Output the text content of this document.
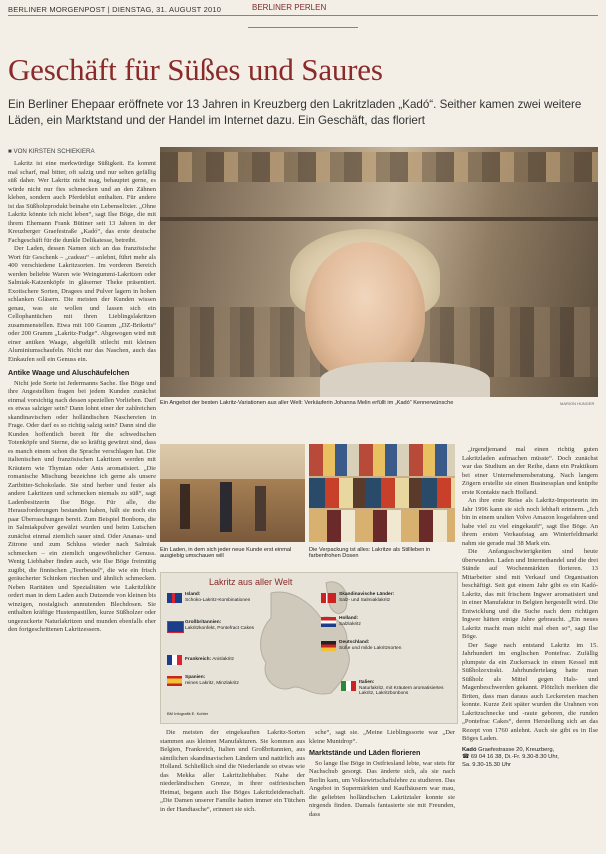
BERLINER MORGENPOST | DIENSTAG, 31. AUGUST 2010	BERLINER PERLEN
Geschäft für Süßes und Saures
Ein Berliner Ehepaar eröffnete vor 13 Jahren in Kreuzberg den Lakritzladen „Kadó“. Seither kamen zwei weitere Läden, ein Marktstand und der Handel im Internet dazu. Ein Geschäft, das floriert
■ VON KIRSTEN SCHIEKIERA

Lakritz ist eine merkwürdige Süßigkeit. Es kommt mal scharf, mal bitter, oft salzig und nur selten gefällig süß daher. Wer Lakritz nicht mag, behauptet gerne, es würde nicht nur fies schmecken und an den Zähnen kleben, sondern auch Pferdeblut enthalten. Für andere ist das Süßholzprodukt beinahe ein Lebenselixier. „Ohne Lakritz könnte ich nicht leben“, sagt Ilse Böge, die mit ihrem Ehemann Frank Büttner seit 13 Jahren in der Kreuzberger Graefestraße „Kadó“, das erste deutsche Fachgeschäft für die dunkle Delikatesse, betreibt.

Der Laden, dessen Namen sich an das französische Wort für Geschenk – „cadeau“ – anlehnt, führt mehr als 400 verschiedene Lakritzsorten. Im vorderen Bereich werden beliebte Waren wie Weingummi-Lakritzen oder Salmiak-Katzenköpfe in gläserner Theke präsentiert. Exotischere Sorten, Dragees und Pulver lagern in hohen schlanken Gläsern. Die meisten der Kunden wissen genau, was sie wollen und lassen sich ein Cellophantüchen mit ihren Lieblingslakritzen zusammenstellen. Etwa mit 100 Gramm „DZ-Briketts“ oder 200 Gramm „Lakritz-Fudge“. Abgewogen wird mit einer antiken Waage, abgefüllt stilecht mit kleinen Aluminiumschaufeln. Nicht nur das Naschen, auch das Einkaufen soll ein Genuss ein.

Antike Waage und Aluschäufelchen

Nicht jede Sorte ist Jedermanns Sache. Ilse Böge und ihre Angestellten fragen bei jedem Kunden zunächst einmal vorsichtig nach dessen speziellen Vorlieben. Darf es etwas salziger sein? Dann lohnt einer der zahlreichen skandinavischen oder holländischen Naschereien in Frage. Oder darf es so richtig salzig sein? Dann sind die Kunden hoffentlich bereit für die schwedischen Totenköpfe und Sterne, die so kräftig gewürzt sind, dass es manch einem schon die Sprache verschlagen hat. Die italienischen und französischen Lakritzen werden mit Kräutern wie Thymian oder Anis aromatisiert. „Die romanische Mischung bezeichne ich gerne als unsere Zartbitter-Schokolade. Sie sind herber und fester als andere Lakritzen und schmecken niemals zu süß“, sagt Ladenbesitzerin Ilse Böge. Für alle, die Herausforderungen bestanden haben, hält sie noch ein paar Überraschungen bereit. Zum Beispiel Bonbons, die in Salmiakpulver gewälzt wurden und beim Lutschen zunächst einmal ziemlich sauer sind. Oder Ananas- und Zitrone und zum Schluss wieder nach Salmiak schmecken – ein ziemlich ungewöhnlicher Genuss. Wenig Liebhaber finden auch, wie Ilse Böge freimütig zugibt, die finnischen „Teerbeutel“, die wie ein frisch geräucherter Schinken riechen und ähnlich schmecken. Neben Raritäten und Spezialitäten wie Lakritzlikör ordert man in dem Laden auch Dutzende von kleinen bis winzigen, nostalgisch anmutenden Blechdosen. Sie enthalten kräftige Hustenpastillen, kurze Süßholzer oder ungezuckerte Naturlakritzen und munden ebenfalls eher den fortgeschrittenen Lakritzessern.

Ein Angebot der besten Lakritz-Variationen aus aller Welt: Verkäuferin Johanna Melin erfüllt im „Kadó“ Kennerwünsche	MARION HUNGER
Ein Laden, in dem sich jeder neue Kunde erst einmal ausgiebig umschauen will
Die Verpackung ist alles: Lakritze als Stillleben in farbenfrohen Dosen
Lakritz aus aller Welt
Island:
Schoko-Lakritz-Kombinationen
Großbritannien:
Lakritzkonfekt, Pontefract Cakes
Frankreich: Anislakritz
Spanien:
reines Lakritz, Minzlakritz
Skandinavische Länder:
Salz- und Salmiaklakritz
Holland:
Salzlakritz
Deutschland:
Süße und milde Lakritzsorten
Italien:
Naturlakritz, mit Kräutern aromatisiertes Lakritz, Lakritzbonbons
BM Infografik E. Kohler

„irgendjemand mal einen richtig guten Lakritzladen aufmachen müsste“. Doch zunächst war das Studium an der Reihe, dann ein Praktikum bei einer Unternehmensberatung. Nach langem Zögern erstellte sie einen Businessplan und knüpfte erste Kontakte nach Holland.

An ihre erste Reise als Lakritz-Importeurin im Jahr 1996 kann sie sich noch lebhaft erinnern. „Ich bin in einem uralten Volvo Amazon losgefahren und habe viel zu viel eingekauft“, sagt Ilse Böge. An ihrem ersten Verkaufstag am Winterfeldtmarkt nahm sie gerade mal 38 Mark ein.

Die Anfangsschwierigkeiten sind heute überwunden. Laden und Internethandel und die drei Stände auf Wochenmärkten florieren. 13 Mitarbeiter sind mit Verkauf und Organisation beschäftigt. Seit gut einem Jahr gibt es ein Kadó-Lakritz, das mit frischem Ingwer aromatisiert und in einer Manufaktur in Belgien hergestellt wird. Die Entwicklung und die Suche nach dem richtigen Ingwer hätten einige Jahre gebraucht. „Ein neues Lakritz macht man nicht mal eben so“, sagt Ilse Böge.

Der Sage nach entstand Lakritz im 15. Jahrhundert im englischen Pontefrac. Zufällig plumpste da ein Zuckersack in einen Kessel mit Süßholzextrakt. Jahrhundertelang hatte man Süßholz als Mittel gegen Hals- und Magenbeschwerden gekannt. Plötzlich merkten die Briten, dass man daraus auch Leckereien machen konnte. Kurze Zeit später wurden die Urahnen von Lakritzschnecke und -raute geboren, die runden „Pontefrac Cakes“, deren Herstellung sich an das Rezept von 1760 anlehnt. Auch sie gibt es in Ilse Böges Laden.

Kadó Graefestrasse 20, Kreuzberg,
☎ 69 04 16 38, Di.-Fr. 9.30-8.30 Uhr,
Sa. 9.30-15.30 Uhr

Die meisten der eingekauften Lakritz-Sorten stammen aus kleinen Manufakturen. Sie kommen aus Belgien, Frankreich, Italien und Großbritannien, aus sämtlichen skandinavischen Ländern und natürlich aus Holland. Schließlich sind die Niederlande so etwas wie das Mekka aller Lakritzliebhaber. Nahe der niederländischen Grenze, in ihrer ostfriesischen Heimat, begann auch Ilse Böges Lakritzleidenschaft. „Die Damen unserer Familie hatten immer ein Tütchen in der Handtasche“, erinnert sie sich.

sche“, sagt sie. „Meine Lieblingssorte war „Der kleine Muntdrop“.

Marktstände und Läden florieren

So lange Ilse Böge in Ostfriesland lebte, war stets für Nachschub gesorgt. Das änderte sich, als sie nach Berlin kam, um Volkswirtschaftslehre zu studieren. Das Angebot in Supermärkten und Kaufhäusern war mau, die geliebten holländischen Lakritztaler konnte sie nirgends finden. Damals fantasierte sie mit Freunden, dass
